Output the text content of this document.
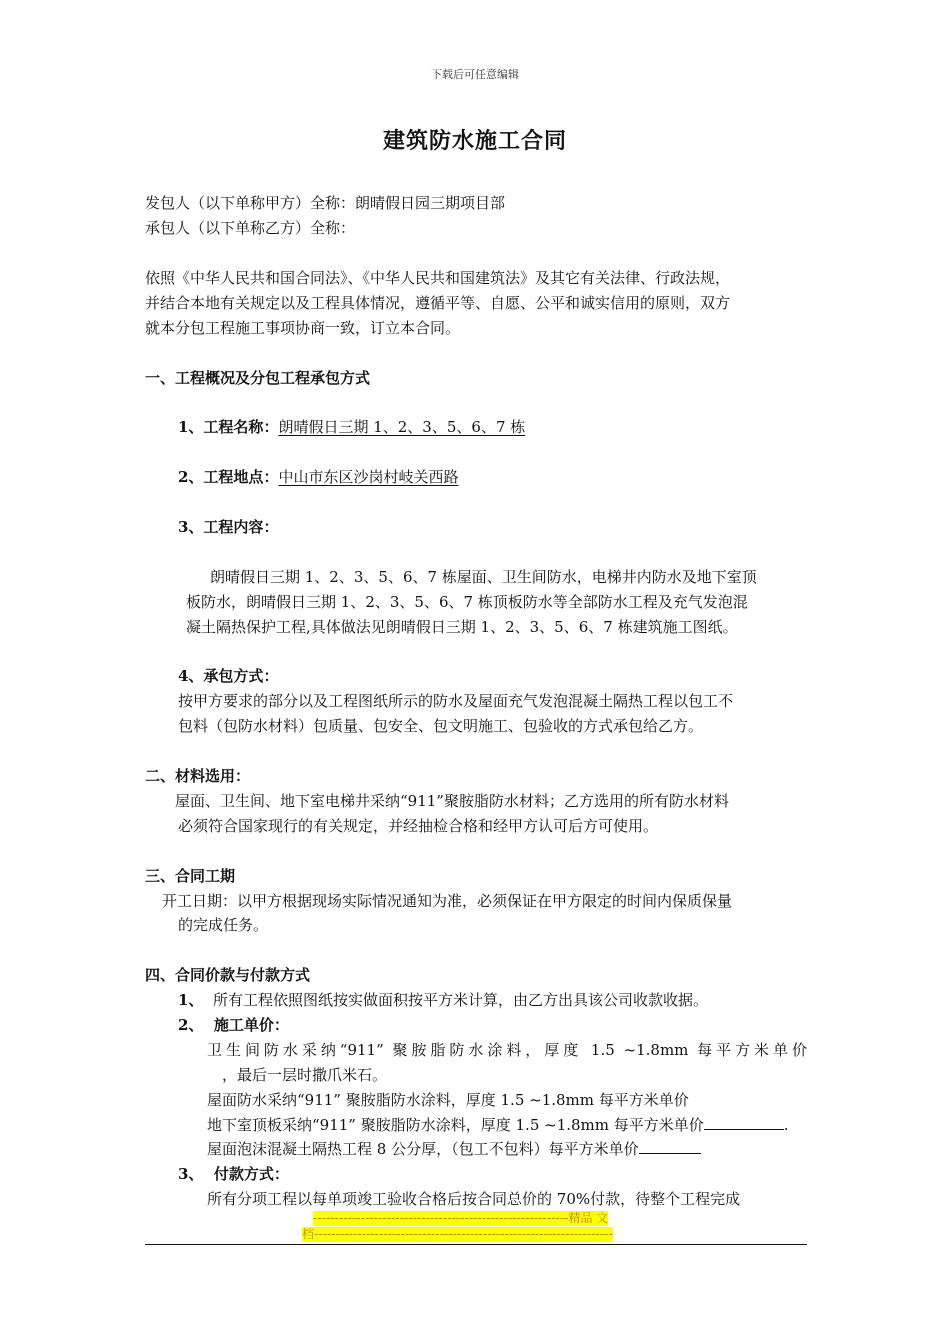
下载后可任意编辑
建筑防水施工合同
发包人（以下单称甲方）全称：朗晴假日园三期项目部
承包人（以下单称乙方）全称：
依照《中华人民共和国合同法》、《中华人民共和国建筑法》及其它有关法律、行政法规，
并结合本地有关规定以及工程具体情况，遵循平等、自愿、公平和诚实信用的原则，双方
就本分包工程施工事项协商一致，订立本合同。
一、工程概况及分包工程承包方式
1、工程名称：朗晴假日三期 1、2、3、5、6、7 栋
2、工程地点：中山市东区沙岗村岐关西路
3、工程内容：
朗晴假日三期 1、2、3、5、6、7 栋屋面、卫生间防水，电梯井内防水及地下室顶
板防水，朗晴假日三期 1、2、3、5、6、7 栋顶板防水等全部防水工程及充气发泡混
凝土隔热保护工程,具体做法见朗晴假日三期 1、2、3、5、6、7 栋建筑施工图纸。
4、承包方式：
按甲方要求的部分以及工程图纸所示的防水及屋面充气发泡混凝土隔热工程以包工不
包料（包防水材料）包质量、包安全、包文明施工、包验收的方式承包给乙方。
二、材料选用：
屋面、卫生间、地下室电梯井采纳“911”聚胺脂防水材料；乙方选用的所有防水材料
必须符合国家现行的有关规定，并经抽检合格和经甲方认可后方可使用。
三、合同工期
开工日期：以甲方根据现场实际情况通知为准，必须保证在甲方限定的时间内保质保量
的完成任务。
四、合同价款与付款方式
1、 所有工程依照图纸按实做面积按平方米计算，由乙方出具该公司收款收据。
2、 施工单价：
卫生间防水采纳“911” 聚胺脂防水涂料，厚度 1.5 ~1.8mm 每平方米单价
，最后一层时撒爪米石。
屋面防水采纳“911” 聚胺脂防水涂料，厚度 1.5 ~1.8mm 每平方米单价
地下室顶板采纳“911” 聚胺脂防水涂料，厚度 1.5 ~1.8mm 每平方米单价	.
屋面泡沫混凝土隔热工程 8 公分厚，（包工不包料）每平方米单价
3、 付款方式：
所有分项工程以每单项竣工验收合格后按合同总价的 70%付款，待整个工程完成
-----------------------------------------------------------精品 文
档---------------------------------------------------------------------
